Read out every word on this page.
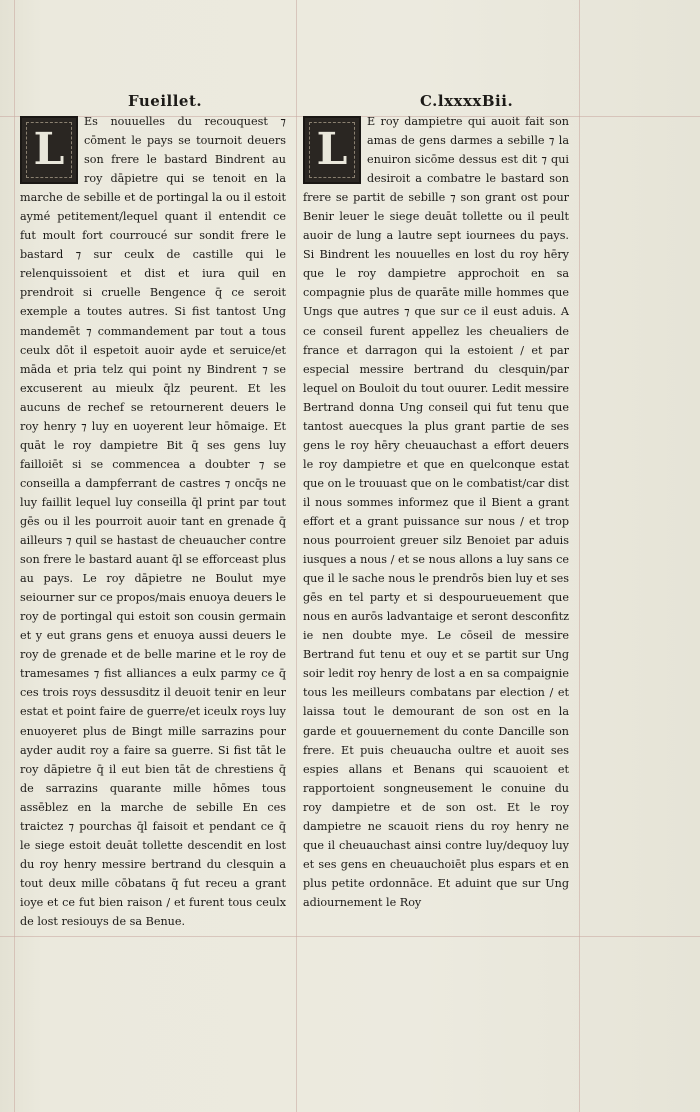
Fueillet.	C.lxxxxBii.
L

Es nouuelles du recouquest ⁊ cōment le pays se tournoit deuers son frere le bastard Bindrent au roy dāpietre qui se tenoit en la marche de sebille et de portingal la ou il estoit aymé petitement/lequel quant il entendit ce fut moult fort courroucé sur sondit frere le bastard ⁊ sur ceulx de castille qui le relenquissoient et dist et iura quil en prendroit si cruelle Bengence q̄ ce seroit exemple a toutes autres. Si fist tantost Ung mandemēt ⁊ commandement par tout a tous ceulx dōt il espetoit auoir ayde et seruice/et māda et pria telz qui point ny Bindrent ⁊ se excuserent au mieulx q̄lz peurent. Et les aucuns de rechef se retournerent deuers le roy henry ⁊ luy en uoyerent leur hōmaige. Et quāt le roy dampietre Bit q̄ ses gens luy failloiēt si se commencea a doubter ⁊ se conseilla a dampferrant de castres ⁊ oncq̄s ne luy faillit lequel luy conseilla q̄l print par tout gēs ou il les pourroit auoir tant en grenade q̄ ailleurs ⁊ quil se hastast de cheuaucher contre son frere le bastard auant q̄l se efforceast plus au pays. Le roy dāpietre ne Boulut mye seiourner sur ce propos/mais enuoya deuers le roy de portingal qui estoit son cousin germain et y eut grans gens et enuoya aussi deuers le roy de grenade et de belle marine et le roy de tramesames ⁊ fist alliances a eulx parmy ce q̄ ces trois roys dessusditz il deuoit tenir en leur estat et point faire de guerre/et iceulx roys luy enuoyeret plus de Bingt mille sarrazins pour ayder audit roy a faire sa guerre. Si fist tāt le roy dāpietre q̄ il eut bien tāt de chrestiens q̄ de sarrazins quarante mille hōmes tous assēblez en la marche de sebille En ces traictez ⁊ pourchas q̄l faisoit et pendant ce q̄ le siege estoit deuāt tollette descendit en lost du roy henry messire bertrand du clesquin a tout deux mille cōbatans q̄ fut receu a grant ioye et ce fut bien raison / et furent tous ceulx de lost resiouys de sa Benue.

L

E roy dampietre qui auoit fait son amas de gens darmes a sebille ⁊ la enuiron sicōme dessus est dit ⁊ qui desiroit a combatre le bastard son frere se partit de sebille ⁊ son grant ost pour Benir leuer le siege deuāt tollette ou il peult auoir de lung a lautre sept iournees du pays. Si Bindrent les nouuelles en lost du roy hēry que le roy dampietre approchoit en sa compagnie plus de quarāte mille hommes que Ungs que autres ⁊ que sur ce il eust aduis. A ce conseil furent appellez les cheualiers de france et darragon qui la estoient / et par especial messire bertrand du clesquin/par lequel on Bouloit du tout ouurer. Ledit messire Bertrand donna Ung conseil qui fut tenu que tantost auecques la plus grant partie de ses gens le roy hēry cheuauchast a effort deuers le roy dampietre et que en quelconque estat que on le trouuast que on le combatist/car dist il nous sommes informez que il Bient a grant effort et a grant puissance sur nous / et trop nous pourroient greuer silz Benoiet par aduis iusques a nous / et se nous allons a luy sans ce que il le sache nous le prendrōs bien luy et ses gēs en tel party et si despourueuement que nous en aurōs ladvantaige et seront desconfitz ie nen doubte mye. Le cōseil de messire Bertrand fut tenu et ouy et se partit sur Ung soir ledit roy henry de lost a en sa compaignie tous les meilleurs combatans par election / et laissa tout le demourant de son ost en la garde et gouuernement du conte Dancille son frere. Et puis cheuaucha oultre et auoit ses espies allans et Benans qui scauoient et rapportoient songneusement le conuine du roy dampietre et de son ost. Et le roy dampietre ne scauoit riens du roy henry ne que il cheuauchast ainsi contre luy/dequoy luy et ses gens en cheuauchoiēt plus espars et en plus petite ordonnāce. Et aduint que sur Ung adiournement le Roy
